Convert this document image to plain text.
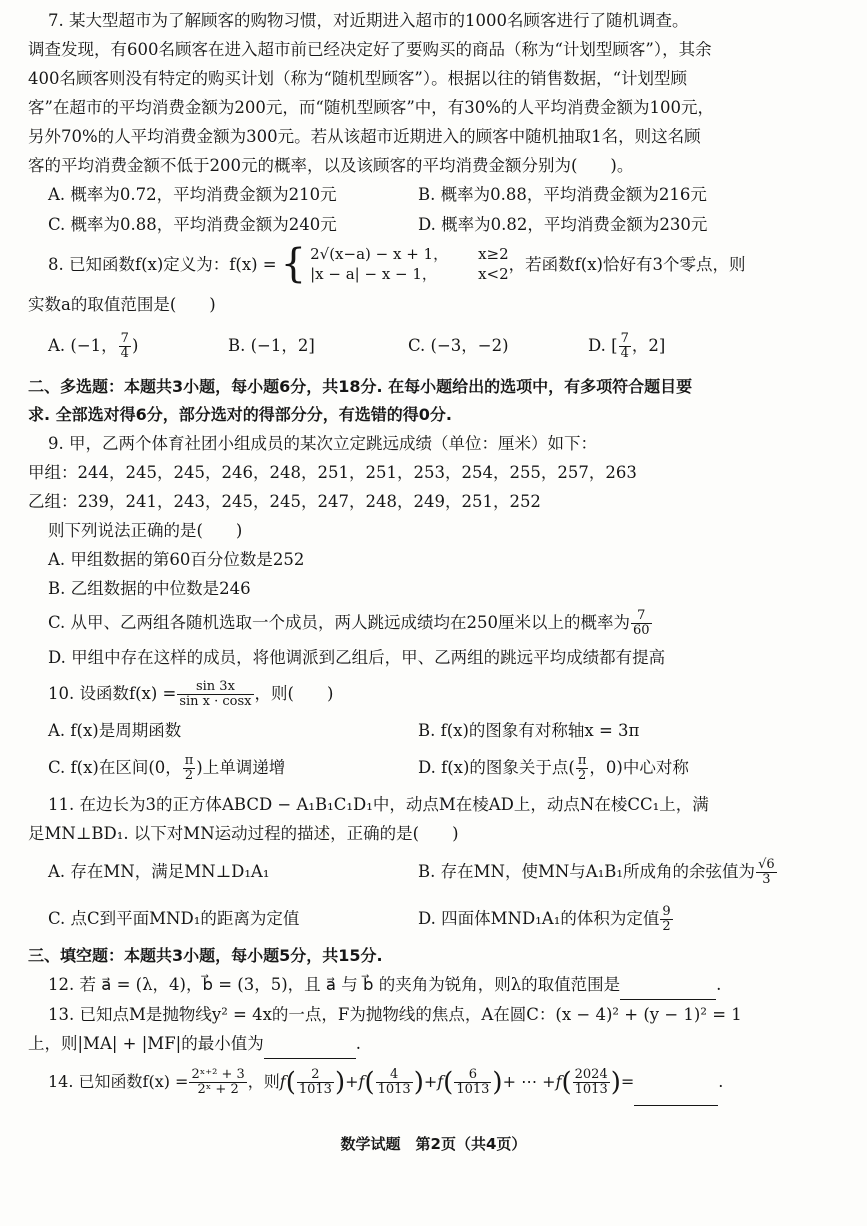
7. 某大型超市为了解顾客的购物习惯，对近期进入超市的1000名顾客进行了随机调查。

调查发现，有600名顾客在进入超市前已经决定好了要购买的商品（称为“计划型顾客”），其余

400名顾客则没有特定的购买计划（称为“随机型顾客”）。根据以往的销售数据，“计划型顾

客”在超市的平均消费金额为200元，而“随机型顾客”中，有30%的人平均消费金额为100元，

另外70%的人平均消费金额为300元。若从该超市近期进入的顾客中随机抽取1名，则这名顾

客的平均消费金额不低于200元的概率，以及该顾客的平均消费金额分别为(　　)。

A. 概率为0.72，平均消费金额为210元	B. 概率为0.88，平均消费金额为216元
C. 概率为0.88，平均消费金额为240元	D. 概率为0.82，平均消费金额为230元
8. 已知函数f(x)定义为：f(x) = { 2√(x−a) − x + 1，	x≥2
|x − a| − x − 1，	x<2
，若函数f(x)恰好有3个零点，则

实数a的取值范围是(　　)

A. (−1， $\frac{7}{4}$ )	B. (−1，2]	C. (−3，−2)	D. [ $\frac{7}{4}$ ，2]

二、多选题：本题共3小题，每小题6分，共18分. 在每小题给出的选项中，有多项符合题目要

求. 全部选对得6分，部分选对的得部分分，有选错的得0分.

9. 甲，乙两个体育社团小组成员的某次立定跳远成绩（单位：厘米）如下：

甲组：244，245，245，246，248，251，251，253，254，255，257，263

乙组：239，241，243，245，245，247，248，249，251，252

则下列说法正确的是(　　)

A. 甲组数据的第60百分位数是252

B. 乙组数据的中位数是246

C. 从甲、乙两组各随机选取一个成员，两人跳远成绩均在250厘米以上的概率为 $\frac{7}{60}$

D. 甲组中存在这样的成员，将他调派到乙组后，甲、乙两组的跳远平均成绩都有提高

10. 设函数$f(x) = \frac{\sin 3x}{\text{sin x · cosx}}$ ，则(　　)

A. f(x)是周期函数	B. f(x)的图象有对称轴x = 3π
C. f(x)在区间(0， $\frac{\pi}{2}$ )上单调递增	D. f(x)的图象关于点( $\frac{\pi}{2}$ ，0)中心对称

11. 在边长为3的正方体ABCD − A₁B₁C₁D₁中，动点M在棱AD上，动点N在棱CC₁上，满

足MN⊥BD₁. 以下对MN运动过程的描述，正确的是(　　)

A. 存在MN，满足MN⊥D₁A₁	B. 存在MN，使MN与A₁B₁所成角的余弦值为 $\frac{√6}{3}$
C. 点C到平面MND₁的距离为定值	D. 四面体MND₁A₁的体积为定值 $\frac{9}{2}$

三、填空题：本题共3小题，每小题5分，共15分.

12. 若 a⃗ = (λ，4)，b⃗ = (3，5)，且 a⃗ 与 b⃗ 的夹角为锐角，则λ的取值范围是	.

13. 已知点M是抛物线y² = 4x的一点，F为抛物线的焦点，A在圆C：(x − 4)² + (y − 1)² = 1

上，则|MA| + |MF|的最小值为	.

14. 已知函数$f(x) = \frac{\text{2ˣ⁺² + 3}}{\text{2ˣ + 2}}$ ，则$f( \frac{2}{1013} )+f( \frac{4}{1013} )+f( \frac{6}{1013}$ )+ ⋯ $+f( \frac{2024}{1013}$ )=	.

数学试题　第2页（共4页）
